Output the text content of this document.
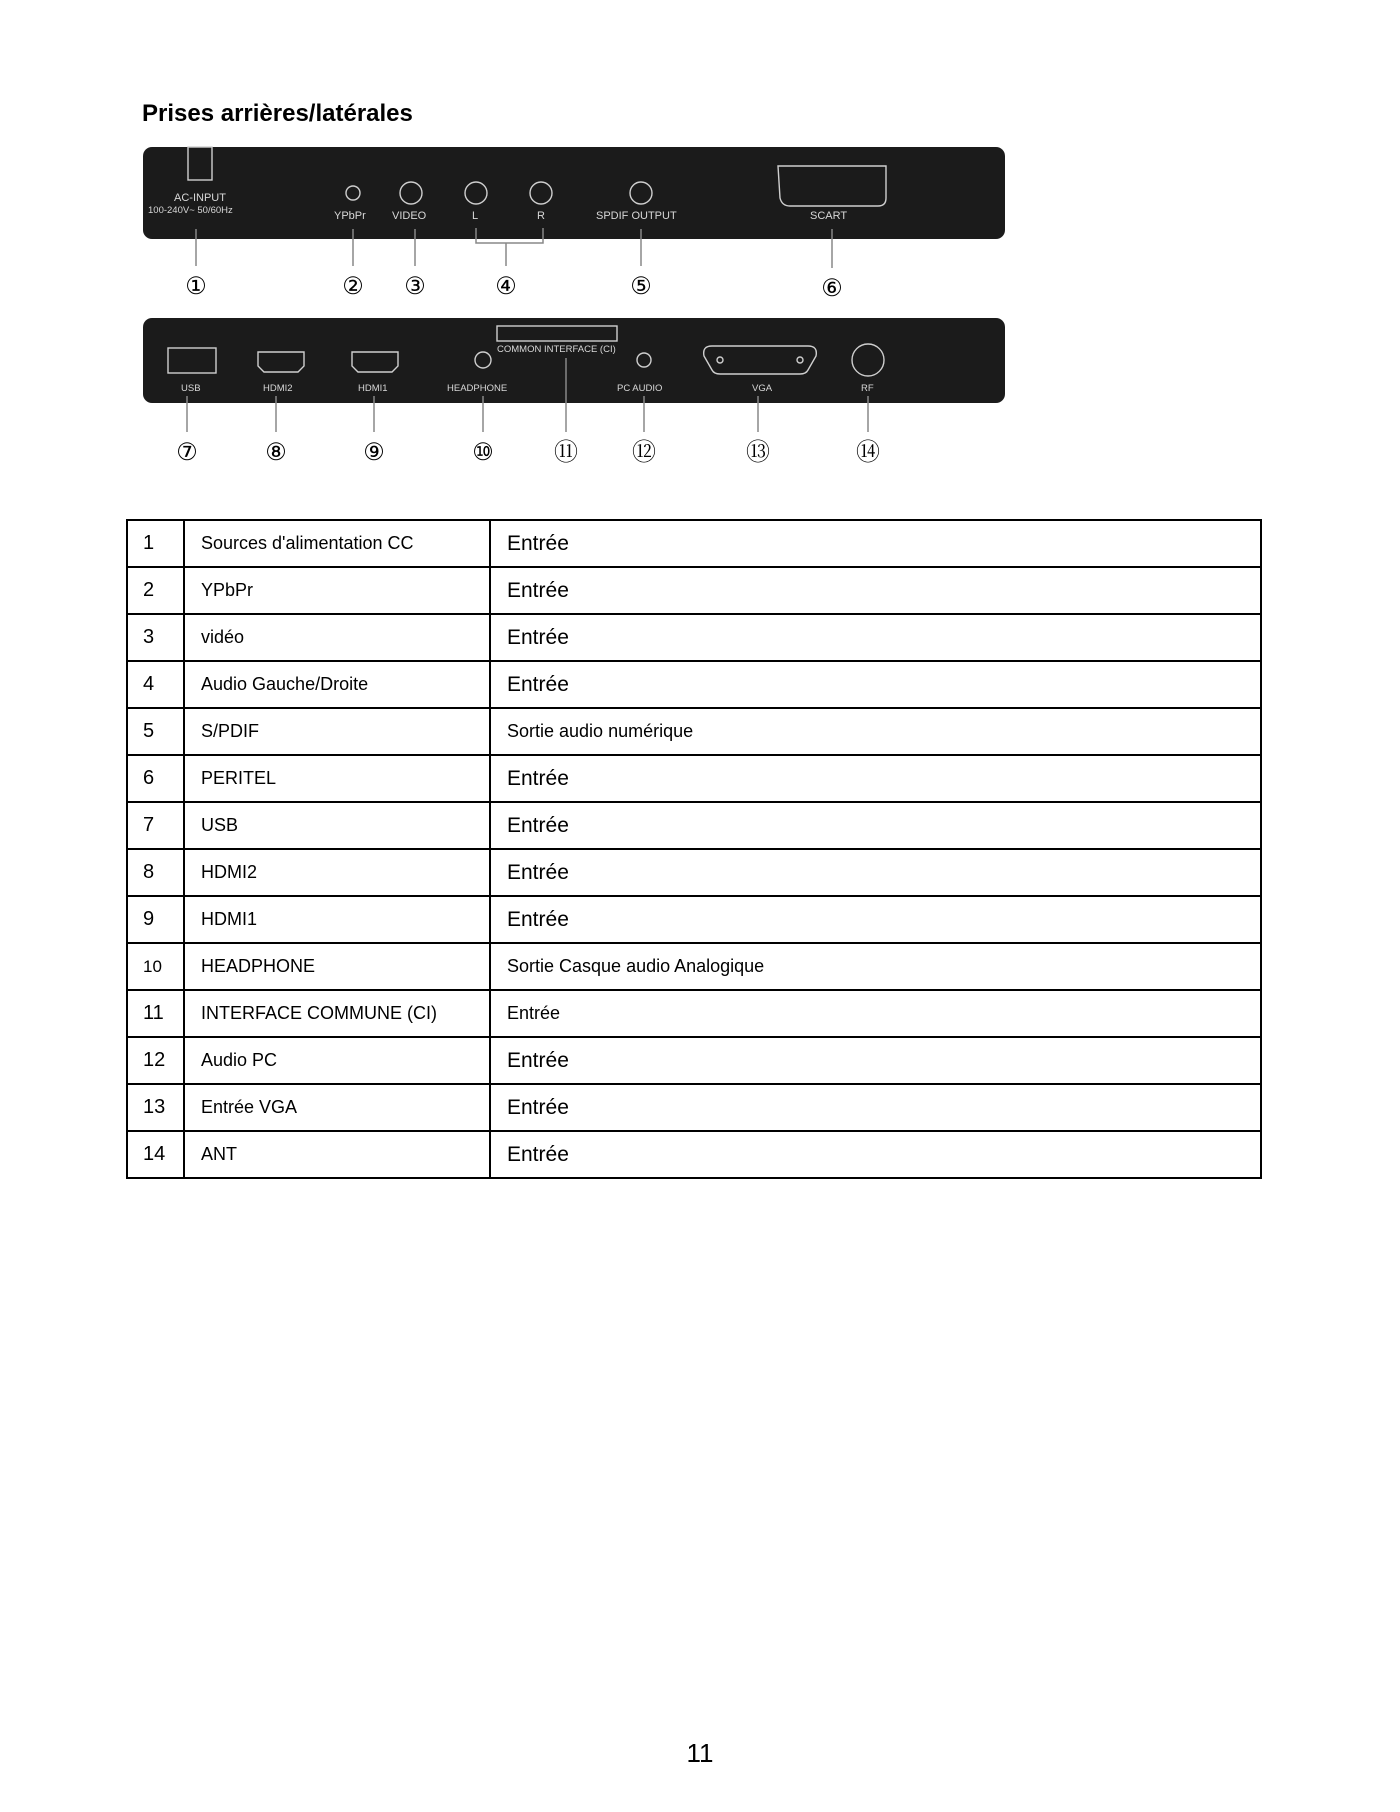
Prises arrières/latérales
AC-INPUT
100-240V~ 50/60Hz	YPbPr VIDEO	L	R	SPDIF OUTPUT	SCART
①	② ③	④	⑤	⑥
USB	HDMI2	HDMI1	HEADPHONE
COMMON INTERFACE (CI)
PC AUDIO	VGA	RF
⑦	⑧	⑨	⑩	⑪ ⑫	⑬	⑭
1	Sources d'alimentation CC	Entrée
2	YPbPr	Entrée
3	vidéo	Entrée
4	Audio Gauche/Droite	Entrée
5	S/PDIF	Sortie audio numérique
6	PERITEL	Entrée
7	USB	Entrée
8	HDMI2	Entrée
9	HDMI1	Entrée
10	HEADPHONE	Sortie Casque audio Analogique
11	INTERFACE COMMUNE (CI)	Entrée
12	Audio PC	Entrée
13	Entrée VGA	Entrée
14	ANT	Entrée
11
